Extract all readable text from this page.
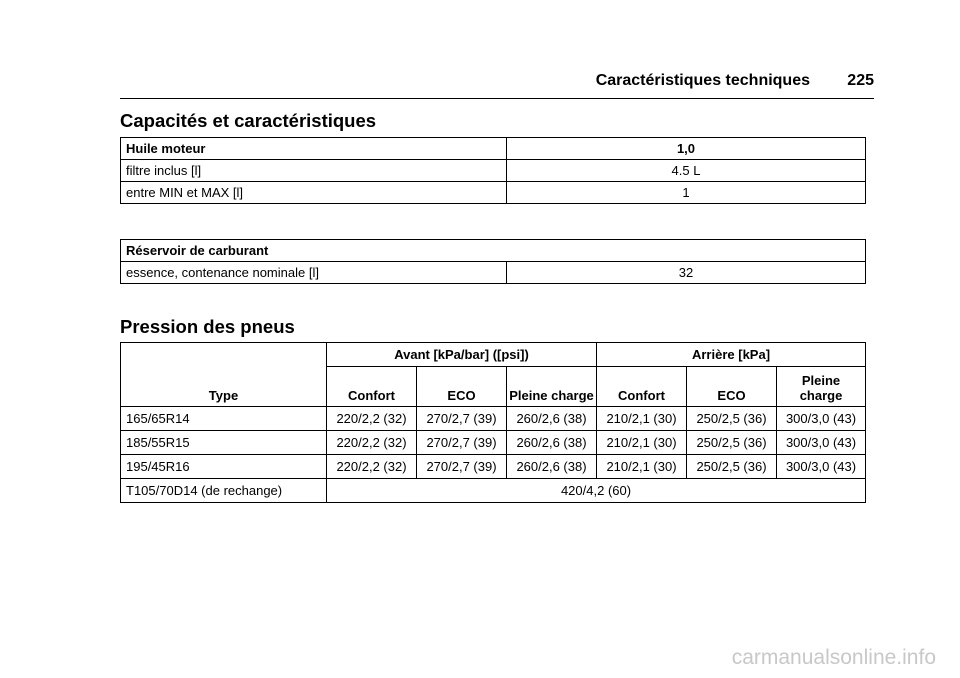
Caractéristiques techniques 225
Capacités et caractéristiques
Huile moteur	1,0
filtre inclus [l]	4.5 L
entre MIN et MAX [l]	1
Réservoir de carburant
essence, contenance nominale [l]	32
Pression des pneus
Type	Avant [kPa/bar] ([psi])			Arrière [kPa]		
	Confort	ECO	Pleine charge	Confort	ECO	Pleine charge
165/65R14	220/2,2 (32)	270/2,7 (39)	260/2,6 (38)	210/2,1 (30)	250/2,5 (36)	300/3,0 (43)
185/55R15	220/2,2 (32)	270/2,7 (39)	260/2,6 (38)	210/2,1 (30)	250/2,5 (36)	300/3,0 (43)
195/45R16	220/2,2 (32)	270/2,7 (39)	260/2,6 (38)	210/2,1 (30)	250/2,5 (36)	300/3,0 (43)
T105/70D14 (de rechange)	420/4,2 (60)					
carmanualsonline.info
